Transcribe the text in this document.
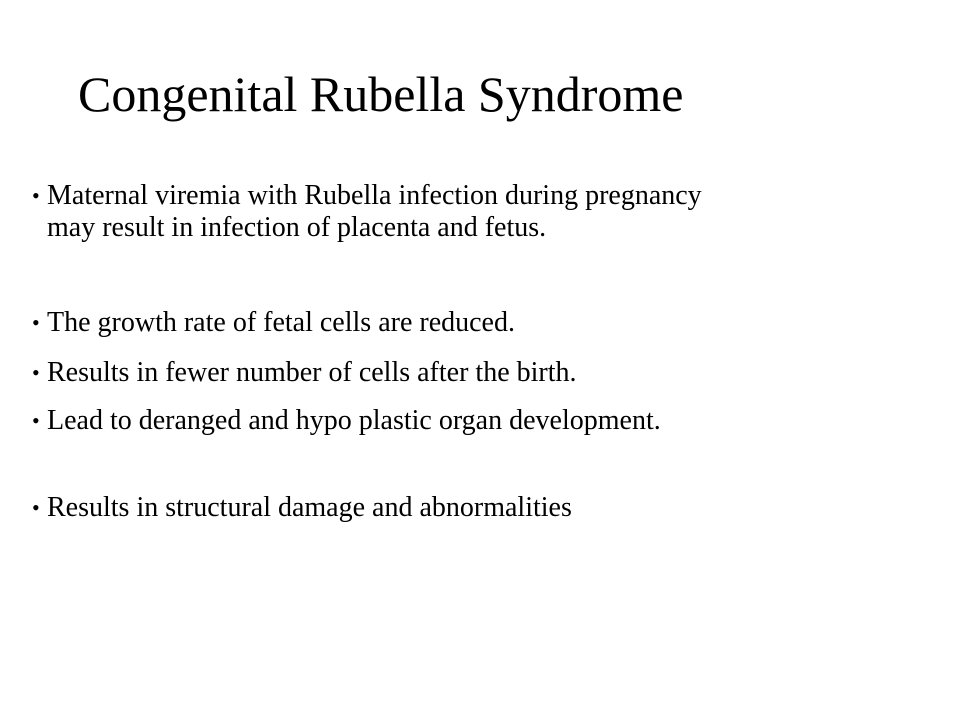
Congenital Rubella Syndrome
• Maternal viremia with Rubella infection during pregnancy may result in infection of placenta and fetus.
• The growth rate of fetal cells are reduced.
• Results in fewer number of cells after the birth.
• Lead to deranged and hypo plastic organ development.
• Results in structural damage and abnormalities
